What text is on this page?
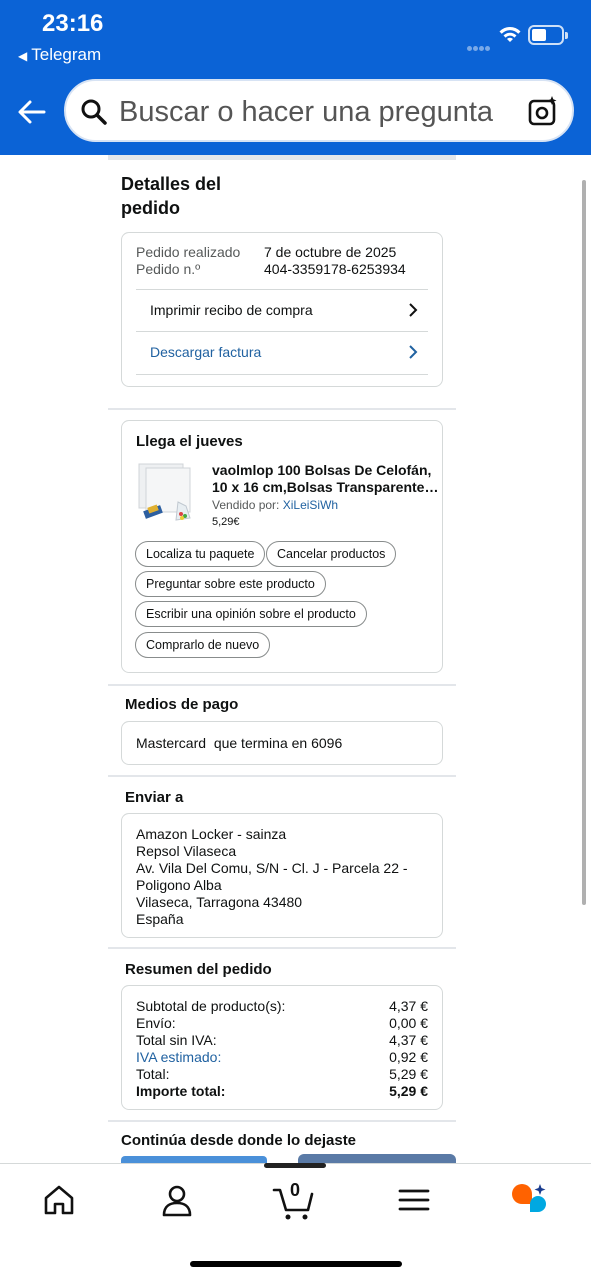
23:16
◀ Telegram
Buscar o hacer una pregunta
Detalles del pedido
Pedido realizado 7 de octubre de 2025
Pedido n.º	404-3359178-6253934
Imprimir recibo de compra
Descargar factura
Llega el jueves
vaolmlop 100 Bolsas De Celofán,
10 x 16 cm,Bolsas Transparente…
Vendido por: XiLeiSiWh
5,29€
Localiza tu paquete	Cancelar productos
Preguntar sobre este producto
Escribir una opinión sobre el producto
Comprarlo de nuevo
Medios de pago
Mastercard que termina en 6096
Enviar a
Amazon Locker - sainza
Repsol Vilaseca
Av. Vila Del Comu, S/N - Cl. J - Parcela 22 -
Poligono Alba
Vilaseca, Tarragona 43480
España
Resumen del pedido
Subtotal de producto(s):	4,37 €
Envío:	0,00 €
Total sin IVA:	4,37 €
IVA estimado:	0,92 €
Total:	5,29 €
Importe total:	5,29 €
Continúa desde donde lo dejaste
0
